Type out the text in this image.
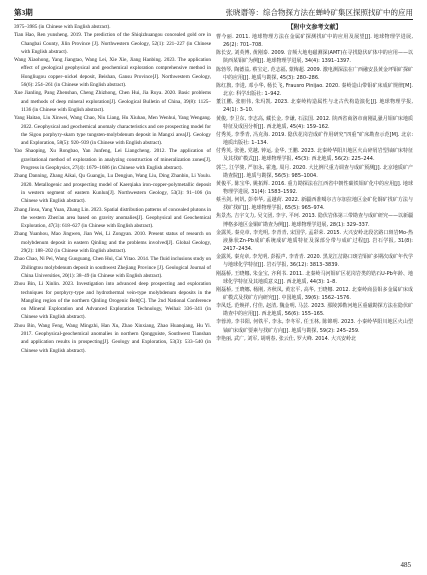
第3期	张晓谮等：综合物探方法在蝉岭矿集区探照找矿中的应用

3975–3985 (in Chinese with English abstract).

Tian Hao, Ren yunsheng. 2019. The prediction of the Shiqizhuangou concealed gold ore in Changbai County, Jilin Province [J]. Northwestern Geology, 52(1): 221–227 (in Chinese with English abstract).

Wang Xiaohong, Yang Jiangtao, Wang Lei, Xie Xie, Jiang Hanbing. 2023. The application effect of geological geophysical and geochemical exploration comprehensive method in Hongliugou copper–nickel deposit, Beishan, Gansu Province[J]. Northwestern Geology, 56(6): 254–261 (in Chinese with English abstract).

Xue Jianling, Pang Zhenshan, Cheng Zhizhong, Chen Hui, Jia Ruya. 2020. Basic problems and methods of deep mineral exploration[J]. Geological Bulletin of China, 39(8): 1125–1136 (in Chinese with English abstract).

Yang Haitao, Liu Xinwei, Wang Chao, Niu Liang, Hu Xiuhao, Men Wenhui, Yang Wengang. 2022. Geophysical and geochemical anomaly characteristics and ore prospecting model for the Sigou porphyry-skarn type tungsten-molybdenum deposit in Mangxi area[J]. Geology and Exploration, 58(5): 920–939 (in Chinese with English abstract).

Yao Shaoping, Xu Rongbao, Yan Junfeng, Lei Liangcheng. 2012. The application of gravitational method of exploration in analyzing construction of mineralization zones[J]. Progress in Geophysics, 27(4): 1679–1686 (in Chinese with English abstract).

Zhang Danning, Zhang Aikai, Qu Guangju, Lu Dengjun, Wang Liu, Ding Zhanbin, Li Youlu. 2020. Metallogenic and prospecting model of Kaerqiaka iron-copper-polymetallic deposit in western segment of eastern Kunlun[J]. Northwestern Geology, 53(3): 91–106 (in Chinese with English abstract).

Zhang Jinsu, Yang Yuan, Zhang Lin. 2023. Spatial distribution patterns of concealed plutons in the western Zhen'an area based on gravity anomalies[J]. Geophysical and Geochemical Exploration, 47(3): 618–627 (in Chinese with English abstract).

Zhang Yuanhou, Mao Jingwen, Jian Wei, Li Zongyan. 2010. Present status of research on molybdenum deposit in eastern Qinling and the problems involved[J]. Global Geology, 29(2): 188–202 (in Chinese with English abstract).

Zhao Chao, Ni Pei, Wang Guoguang, Chen Hui, Cai Yitao. 2014. The fluid inclusions study on Zhilingtou molybdenum deposit in southwest Zhejiang Province [J]. Geological Journal of China Universities, 20(1): 38–49 (in Chinese with English abstract).

Zhou Bin, Li Xinlin. 2023. Investigation into advanced deep prospecting and exploration techniques for porphyry-type and hydrothermal vein-type molybdenum deposits in the Mangling region of the northern Qinling Orogenic Belt[C]. The 2nd National Conference on Mineral Exploration and Advanced Exploration Technology, Weihai: 336–341 (in Chinese with English abstract).

Zhou Bin, Wang Feng, Wang Mingzhi, Han Xu, Zhao Xinxiang, Zhao Huanqiang, Hu Yi. 2017. Geophysical-geochemical anomalies in northern Qongguiste, Southwest Tianshan and application results in prospecting[J]. Geology and Exploration, 53(3): 533–540 (in Chinese with English abstract).

【附中文参考文献】

曹今丽. 2011. 地球物理方法在金属矿探测找矿中的应用及展望[J]. 地球物理学进展, 26(2): 701–708.

陈长安, 刘英博, 黄刚泰. 2009. 音频大地电磁测深(AMT)在寻找隐伏矿体中的应用——以陕西某钼矿为例[J]. 地球物理学进展, 34(4): 1391–1397.

陈勃琴, 陶德益, 蔡宝定, 范志福, 蒙梅超. 2009. 激电测深法在广西融安县黄金坪钼矿探矿中的应用[J]. 地质与勘探, 45(3): 280–286.

陈红旗, 李进, 邓小华, 杨长飞, Frausro Pinijao. 2020. 秦岭造山带钼矿床成矿规律[M]. 北京: 科学出版社: 1–942.

董江鹏, 张朋伟, 朱玛凯. 2023. 北秦岭构造属性与北古代构造演化[J]. 地球物理学报, 24(1): 3–10.

黄俊, 李卫东, 李志高, 藏长金, 李谦, 石法国. 2012. 陕西省商洛市南刚乩骚月钼矿床地质特征及成因分析[J]. 西北地质, 45(4): 159–162.

付秀英, 李季青, 冯克海. 2019. 隐伏花岗岩成矿作用研究“四重”矿床勘查示范[M]. 北京: 地质出版社: 1–134.

付秀英, 张弛, 党越, 钟运, 金华, 王鹏. 2023. 北秦岭华阳川地区火山碎屑岩型铀矿床特征及其找矿模式[J]. 地球物理学报, 45(3): 西北地质, 56(2): 225–244.

郭兰, 江学骏, 严加永, 霍逸, 周月. 2020. 大比例尺重力调查与成矿预测[J]. 北京地质矿产勘查院[J]. 地质与勘探, 56(5): 985–1004.

黄俊平, 陈宝华, 姚拓辉. 2016. 重力勘探法在江西省中朝性碳铁钼矿化中的应用[J]. 地球物理学进展, 31(4): 1583–1592.

蔡丞剑, 何钒, 彭奉华, 孟越荷. 2022. 新疆西准噶尔吉尔加拉地区金矿化铜矿找矿方法与找矿找矿[J]. 地球物理学报, 65(5): 965–974.

焦景杰, 吉宇文力, 吴文团, 李宇, 平珂. 2013. 隐伏岩体第三带勘查与成矿研究——以新疆博格多地区金铜矿勘查为例[J]. 地球物理学进展, 28(1): 329–337.

金露英, 秦克章, 李光明, 李青青, 宋国学, 孟彩荣. 2015. 大兴安岭北段岔路口斑岩Mo-热液脉状Zn-Pb成矿系统成矿地质特征及深部分带与成矿过程[J]. 岩石学报, 31(8): 2417–2434.

金露英, 秦克章, 李光明, 彭振声, 李青青. 2020. 黑龙江岔路口斑岩钼矿多期次成矿年代学与地球化学特征[J]. 岩石学报, 36(12): 3813–3839.

刚磊桥, 王晓娜, 朱金宝, 齐利书. 2011. 北秦岭马河钼矿区花岗岩类的锆石U-Pb年龄、地球化学特征及其地质意义[J]. 西北地质, 44(3): 1–8.

刚磊桥, 王晓娜, 杨刚, 齐秋凤, 黄宏平, 高华, 王晓娜. 2012. 北秦岭商县钼多金属矿床成矿模式及找矿方向研究[J]. 中国地质, 39(6): 1562–1576.

李凤廷, 范焕祥, 付佳, 赵清, 魏金明, 马芸. 2023. 那陵郭勒河地区重磁勘探方法在隐伏矿勘查中的应用[J]. 西北地质, 56(6): 155–165.

李蓉涛, 李书阳, 何铁平, 李永, 李冬军, 任玉林, 陈锦明. 2023. 小秦岭华阳川地区火山型铀矿床成矿要素与找矿方向[J]. 地质与勘探, 59(2): 245–259.

李艳丽, 武广, 刘军, 胡明春, 张云仕, 罗大峰. 2014. 大兴安岭北

485
